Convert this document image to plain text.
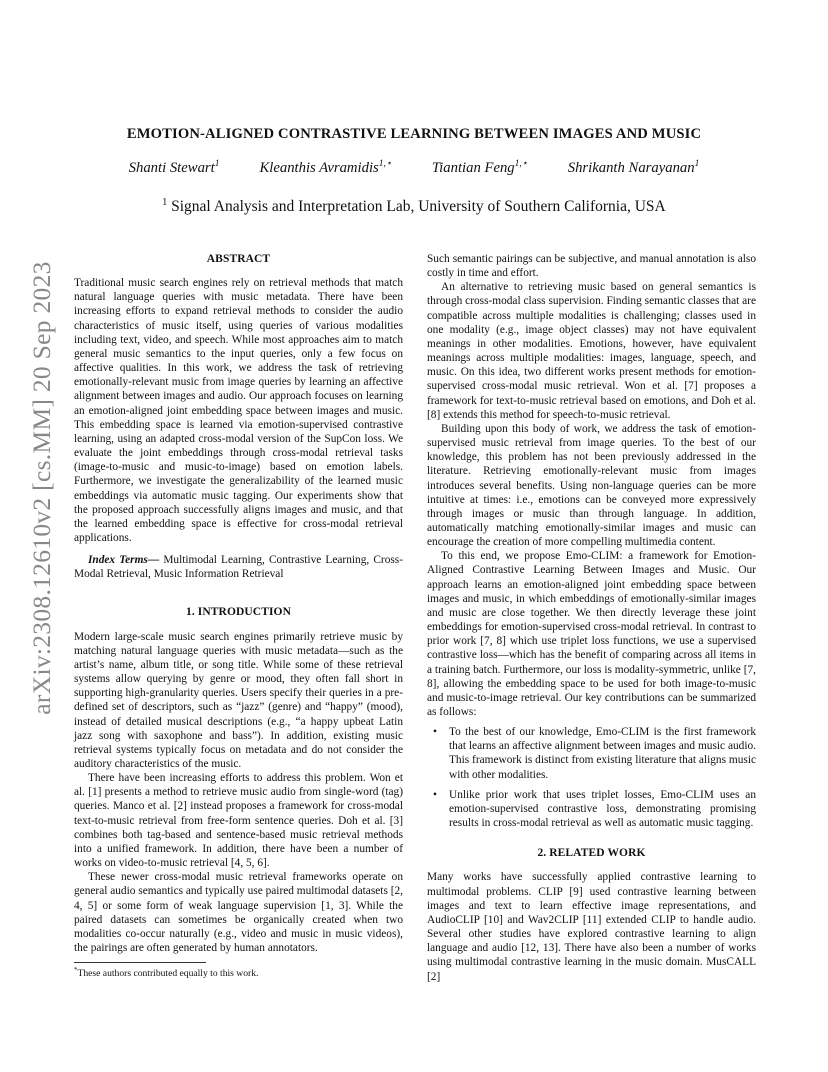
arXiv:2308.12610v2 [cs.MM] 20 Sep 2023
EMOTION-ALIGNED CONTRASTIVE LEARNING BETWEEN IMAGES AND MUSIC
Shanti Stewart$^1$	Kleanthis Avramidis$^{1,⋆}$	Tiantian Feng$^{1,⋆}$	Shrikanth Narayanan$^1$
$^1$ Signal Analysis and Interpretation Lab, University of Southern California, USA
ABSTRACT

Traditional music search engines rely on retrieval methods that match natural language queries with music metadata. There have been increasing efforts to expand retrieval methods to consider the audio characteristics of music itself, using queries of various modalities including text, video, and speech. While most approaches aim to match general music semantics to the input queries, only a few focus on affective qualities. In this work, we address the task of retrieving emotionally-relevant music from image queries by learning an affective alignment between images and audio. Our approach focuses on learning an emotion-aligned joint embedding space between images and music. This embedding space is learned via emotion-supervised contrastive learning, using an adapted cross-modal version of the SupCon loss. We evaluate the joint embeddings through cross-modal retrieval tasks (image-to-music and music-to-image) based on emotion labels. Furthermore, we investigate the generalizability of the learned music embeddings via automatic music tagging. Our experiments show that the proposed approach successfully aligns images and music, and that the learned embedding space is effective for cross-modal retrieval applications.

Index Terms— Multimodal Learning, Contrastive Learning, Cross-Modal Retrieval, Music Information Retrieval

1. INTRODUCTION

Modern large-scale music search engines primarily retrieve music by matching natural language queries with music metadata—such as the artist’s name, album title, or song title. While some of these retrieval systems allow querying by genre or mood, they often fall short in supporting high-granularity queries. Users specify their queries in a pre-defined set of descriptors, such as “jazz” (genre) and “happy” (mood), instead of detailed musical descriptions (e.g., “a happy upbeat Latin jazz song with saxophone and bass”). In addition, existing music retrieval systems typically focus on metadata and do not consider the auditory characteristics of the music.

There have been increasing efforts to address this problem. Won et al. [1] presents a method to retrieve music audio from single-word (tag) queries. Manco et al. [2] instead proposes a framework for cross-modal text-to-music retrieval from free-form sentence queries. Doh et al. [3] combines both tag-based and sentence-based music retrieval methods into a unified framework. In addition, there have been a number of works on video-to-music retrieval [4, 5, 6].

These newer cross-modal music retrieval frameworks operate on general audio semantics and typically use paired multimodal datasets [2, 4, 5] or some form of weak language supervision [1, 3]. While the paired datasets can sometimes be organically created when two modalities co-occur naturally (e.g., video and music in music videos), the pairings are often generated by human annotators.

*These authors contributed equally to this work.

Such semantic pairings can be subjective, and manual annotation is also costly in time and effort.

An alternative to retrieving music based on general semantics is through cross-modal class supervision. Finding semantic classes that are compatible across multiple modalities is challenging; classes used in one modality (e.g., image object classes) may not have equivalent meanings in other modalities. Emotions, however, have equivalent meanings across multiple modalities: images, language, speech, and music. On this idea, two different works present methods for emotion-supervised cross-modal music retrieval. Won et al. [7] proposes a framework for text-to-music retrieval based on emotions, and Doh et al. [8] extends this method for speech-to-music retrieval.

Building upon this body of work, we address the task of emotion-supervised music retrieval from image queries. To the best of our knowledge, this problem has not been previously addressed in the literature. Retrieving emotionally-relevant music from images introduces several benefits. Using non-language queries can be more intuitive at times: i.e., emotions can be conveyed more expressively through images or music than through language. In addition, automatically matching emotionally-similar images and music can encourage the creation of more compelling multimedia content.

To this end, we propose Emo-CLIM: a framework for Emotion-Aligned Contrastive Learning Between Images and Music. Our approach learns an emotion-aligned joint embedding space between images and music, in which embeddings of emotionally-similar images and music are close together. We then directly leverage these joint embeddings for emotion-supervised cross-modal retrieval. In contrast to prior work [7, 8] which use triplet loss functions, we use a supervised contrastive loss—which has the benefit of comparing across all items in a training batch. Furthermore, our loss is modality-symmetric, unlike [7, 8], allowing the embedding space to be used for both image-to-music and music-to-image retrieval. Our key contributions can be summarized as follows:

• To the best of our knowledge, Emo-CLIM is the first framework that learns an affective alignment between images and music audio. This framework is distinct from existing literature that aligns music with other modalities.
• Unlike prior work that uses triplet losses, Emo-CLIM uses an emotion-supervised contrastive loss, demonstrating promising results in cross-modal retrieval as well as automatic music tagging.
2. RELATED WORK

Many works have successfully applied contrastive learning to multimodal problems. CLIP [9] used contrastive learning between images and text to learn effective image representations, and AudioCLIP [10] and Wav2CLIP [11] extended CLIP to handle audio. Several other studies have explored contrastive learning to align language and audio [12, 13]. There have also been a number of works using multimodal contrastive learning in the music domain. MusCALL [2]
